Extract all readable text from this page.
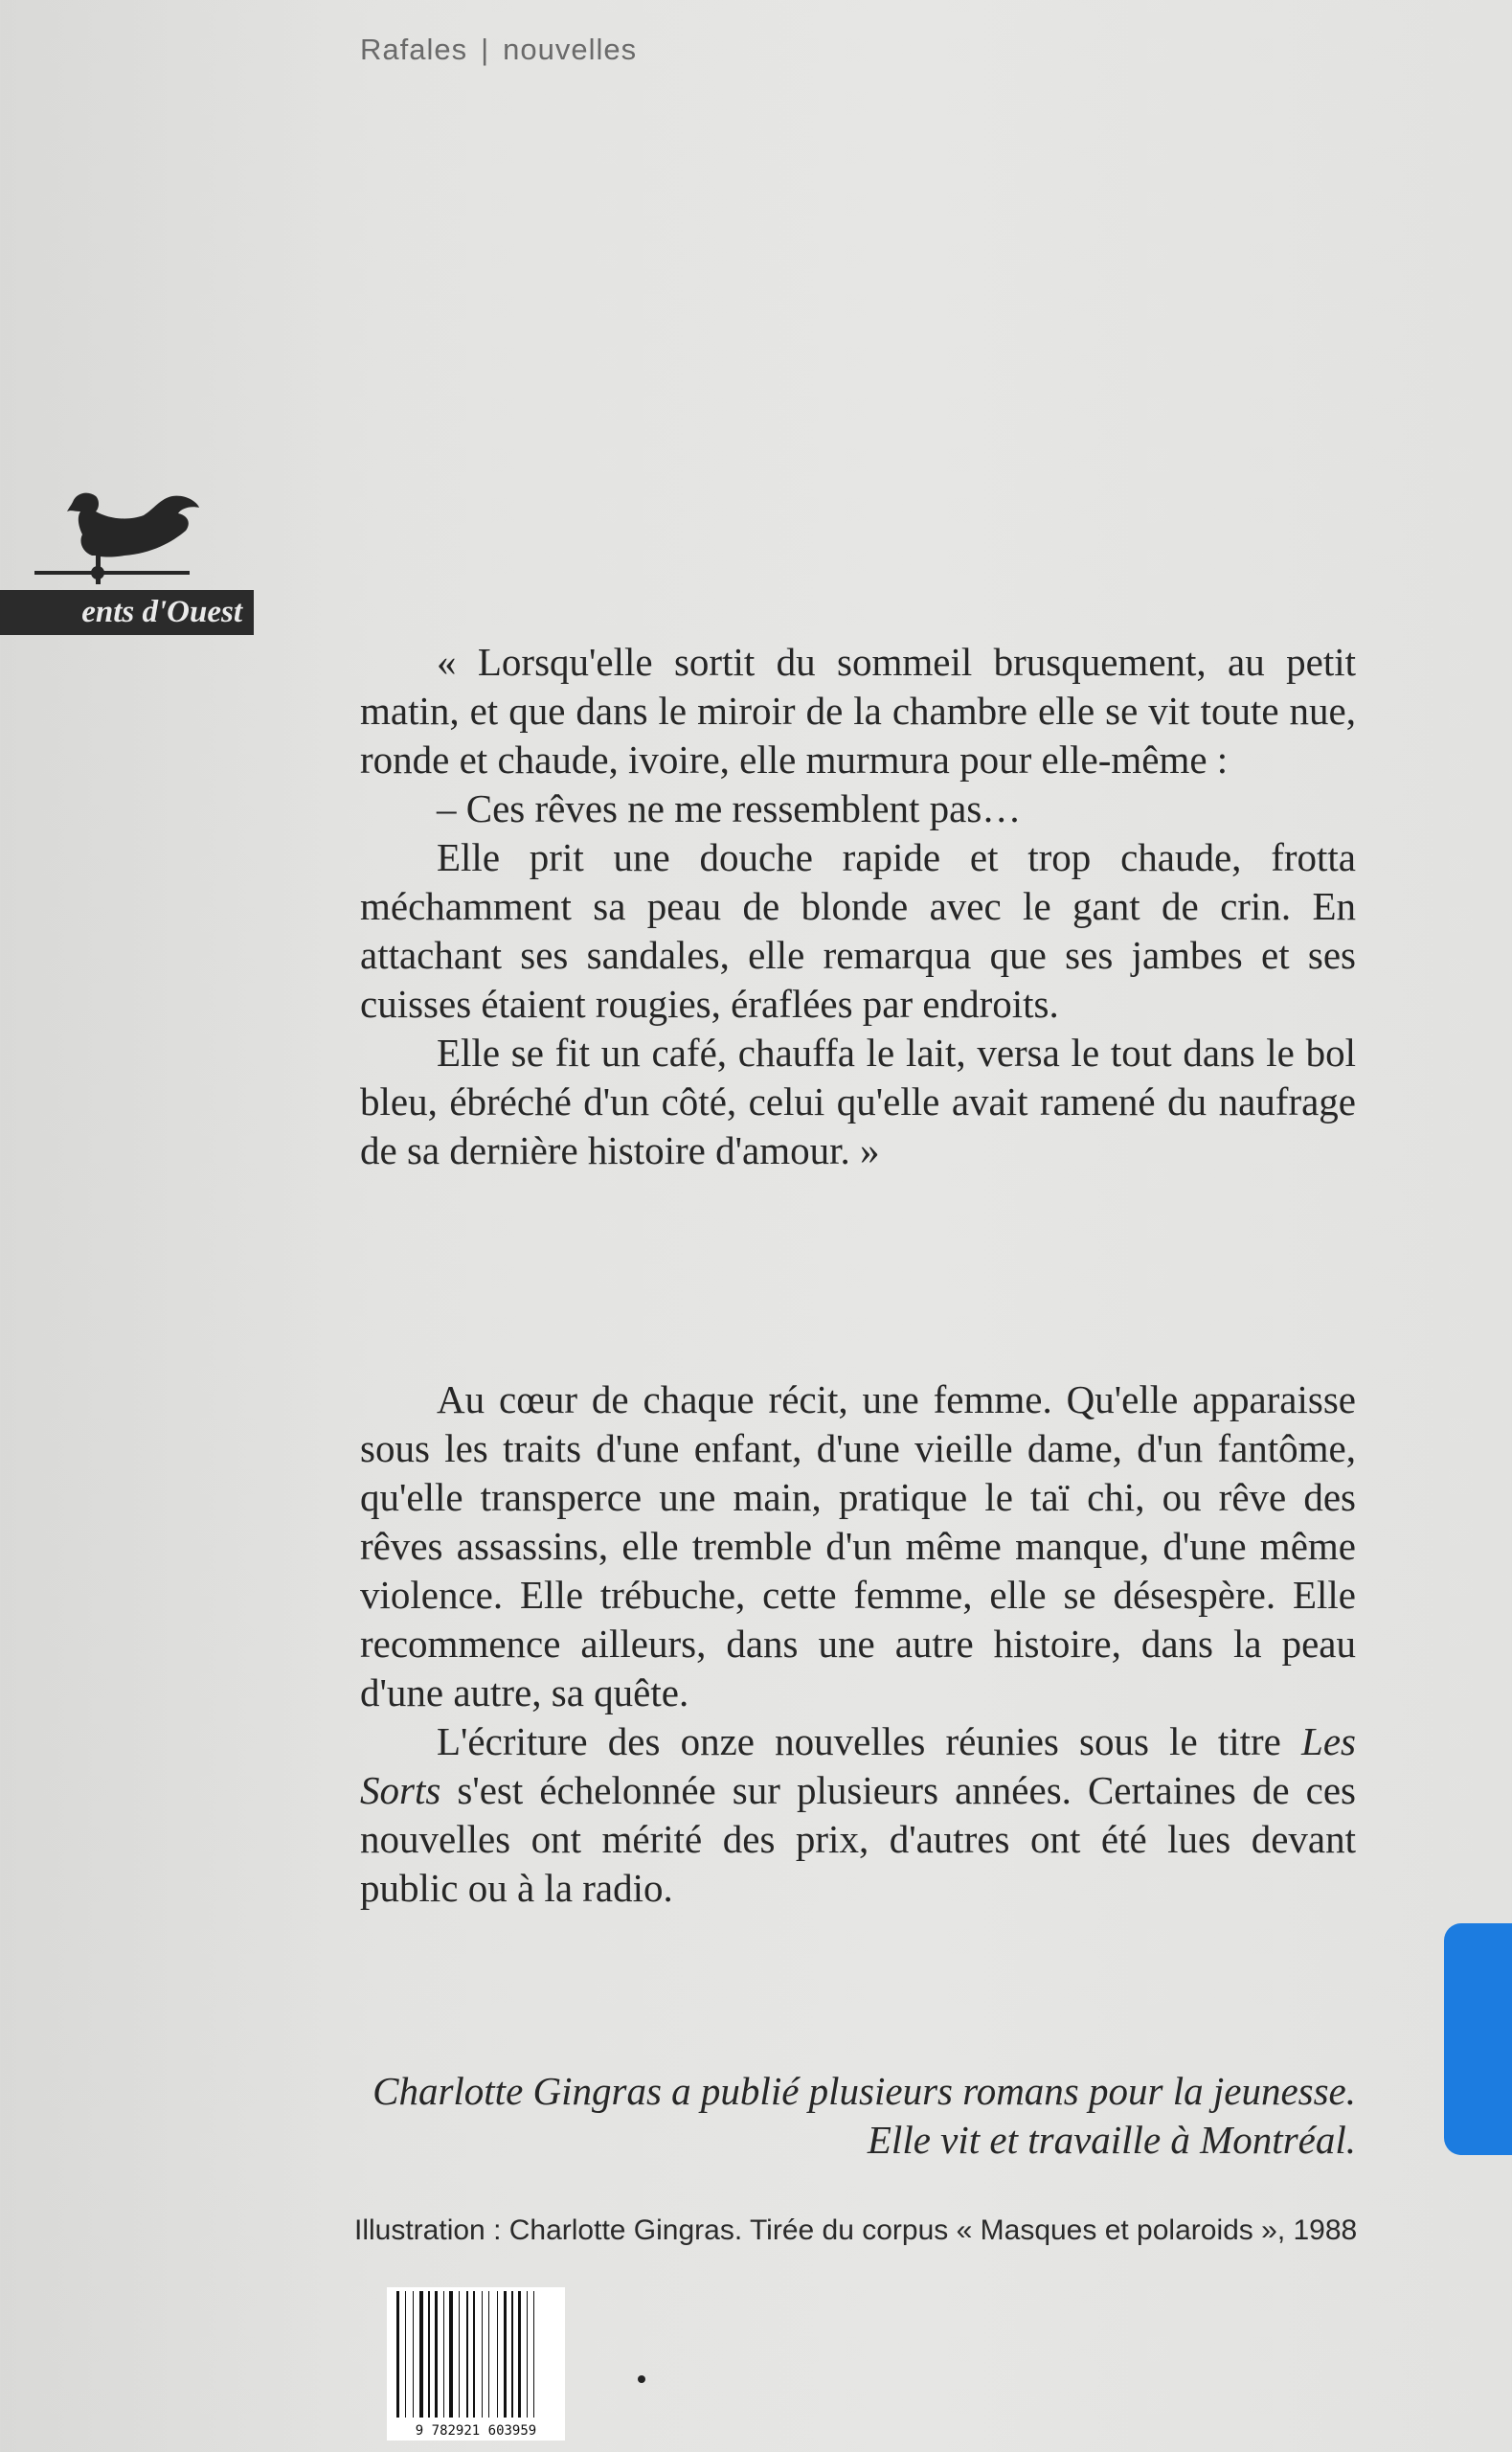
Rafales | nouvelles
ents d'Ouest

« Lorsqu'elle sortit du sommeil brusquement, au petit matin, et que dans le miroir de la chambre elle se vit toute nue, ronde et chaude, ivoire, elle murmura pour elle-même :

– Ces rêves ne me ressemblent pas…

Elle prit une douche rapide et trop chaude, frotta méchamment sa peau de blonde avec le gant de crin. En attachant ses sandales, elle remarqua que ses jambes et ses cuisses étaient rougies, éraflées par endroits.

Elle se fit un café, chauffa le lait, versa le tout dans le bol bleu, ébréché d'un côté, celui qu'elle avait ramené du naufrage de sa dernière histoire d'amour. »

Au cœur de chaque récit, une femme. Qu'elle apparaisse sous les traits d'une enfant, d'une vieille dame, d'un fantôme, qu'elle transperce une main, pratique le taï chi, ou rêve des rêves assassins, elle tremble d'un même manque, d'une même violence. Elle trébuche, cette femme, elle se désespère. Elle recommence ailleurs, dans une autre histoire, dans la peau d'une autre, sa quête.

L'écriture des onze nouvelles réunies sous le titre Les Sorts s'est échelonnée sur plusieurs années. Certaines de ces nouvelles ont mérité des prix, d'autres ont été lues devant public ou à la radio.

Charlotte Gingras a publié plusieurs romans pour la jeunesse. Elle vit et travaille à Montréal.
Illustration : Charlotte Gingras. Tirée du corpus « Masques et polaroids », 1988
9 782921 603959
